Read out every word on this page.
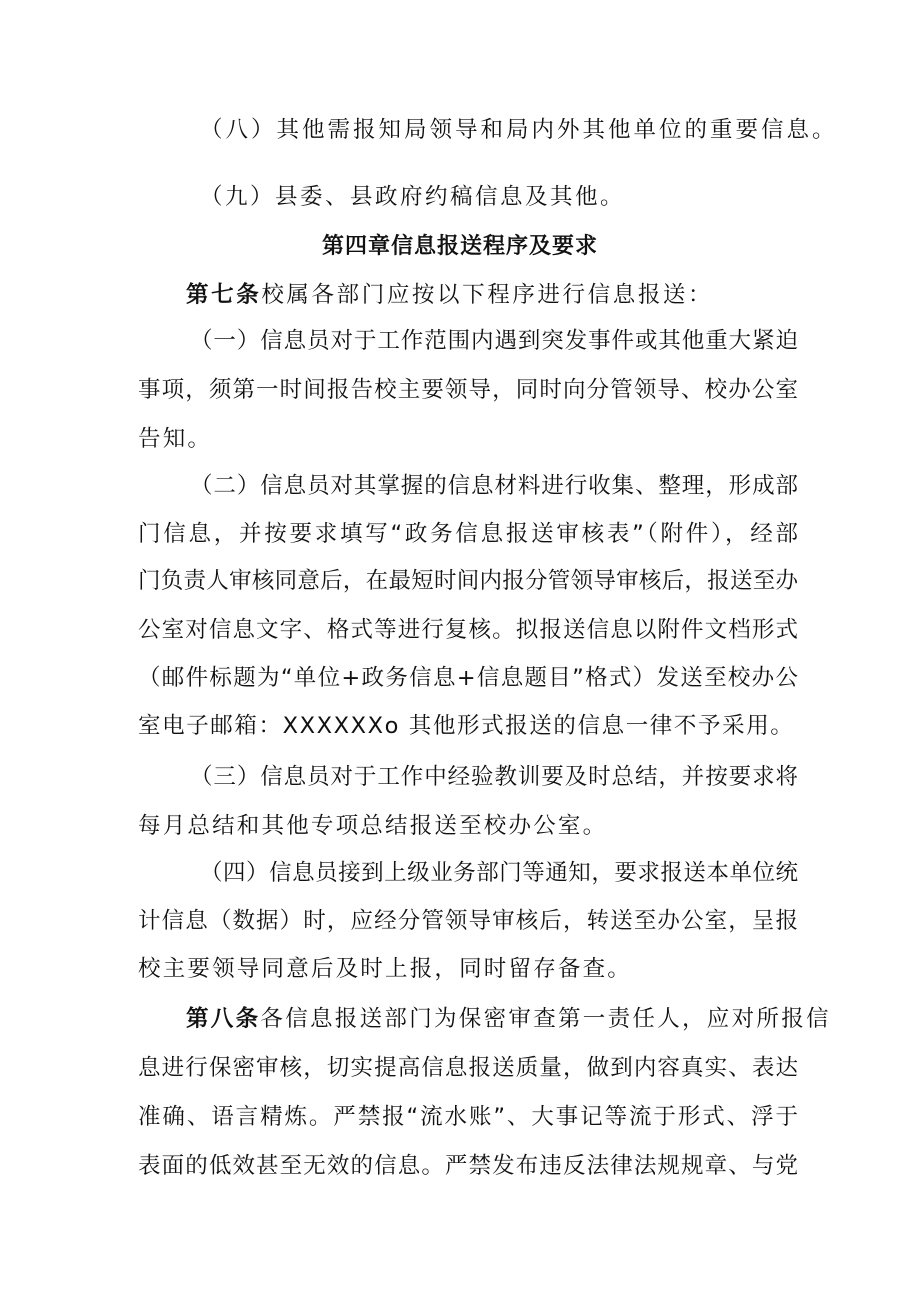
（八）其他需报知局领导和局内外其他单位的重要信息。
（九）县委、县政府约稿信息及其他。
第四章信息报送程序及要求
第七条校属各部门应按以下程序进行信息报送：
（一）信息员对于工作范围内遇到突发事件或其他重大紧迫
事项，须第一时间报告校主要领导，同时向分管领导、校办公室
告知。
（二）信息员对其掌握的信息材料进行收集、整理，形成部
门信息，并按要求填写“政务信息报送审核表”（附件），经部
门负责人审核同意后，在最短时间内报分管领导审核后，报送至办
公室对信息文字、格式等进行复核。拟报送信息以附件文档形式
（邮件标题为“单位+政务信息+信息题目”格式）发送至校办公
室电子邮箱：XXXXXXo 其他形式报送的信息一律不予采用。
（三）信息员对于工作中经验教训要及时总结，并按要求将
每月总结和其他专项总结报送至校办公室。
（四）信息员接到上级业务部门等通知，要求报送本单位统
计信息（数据）时，应经分管领导审核后，转送至办公室，呈报
校主要领导同意后及时上报，同时留存备查。
第八条各信息报送部门为保密审查第一责任人，应对所报信
息进行保密审核，切实提高信息报送质量，做到内容真实、表达
准确、语言精炼。严禁报“流水账”、大事记等流于形式、浮于
表面的低效甚至无效的信息。严禁发布违反法律法规规章、与党
